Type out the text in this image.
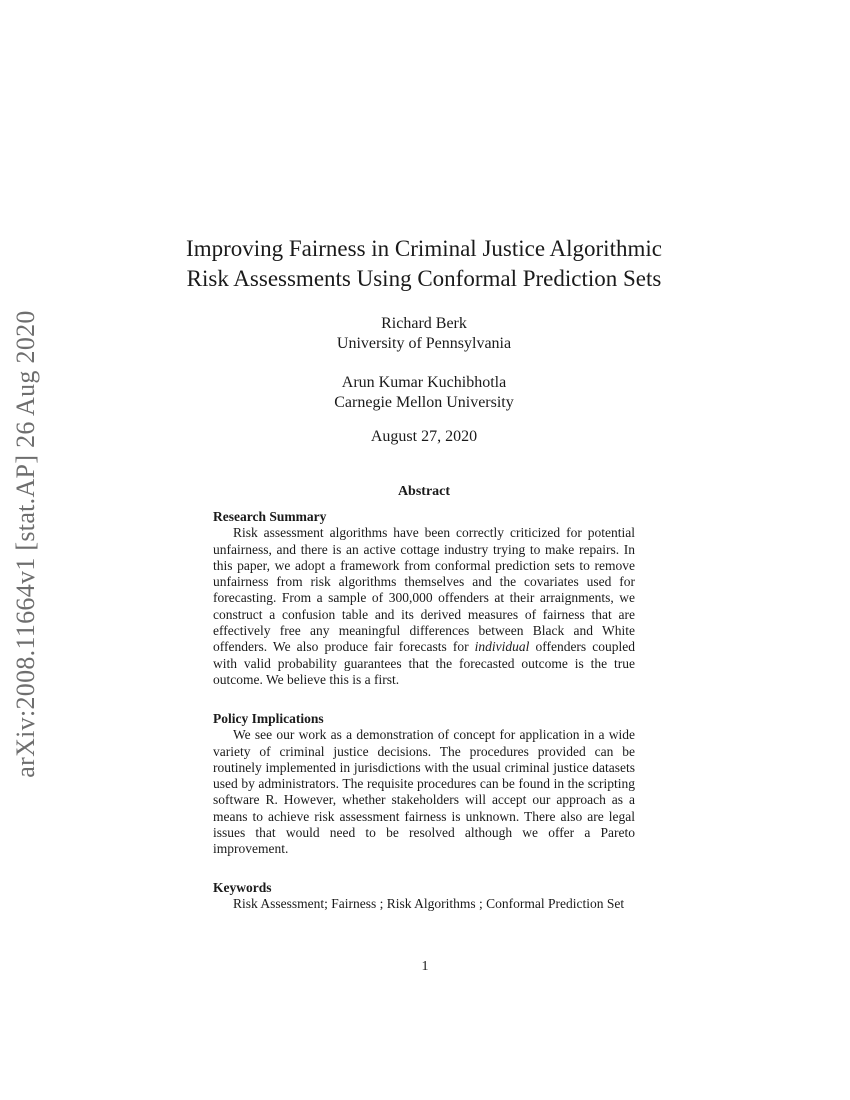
arXiv:2008.11664v1 [stat.AP] 26 Aug 2020
Improving Fairness in Criminal Justice Algorithmic
Risk Assessments Using Conformal Prediction Sets
Richard Berk
University of Pennsylvania
Arun Kumar Kuchibhotla
Carnegie Mellon University
August 27, 2020
Abstract
Research Summary

Risk assessment algorithms have been correctly criticized for potential unfairness, and there is an active cottage industry trying to make repairs. In this paper, we adopt a framework from conformal prediction sets to remove unfairness from risk algorithms themselves and the covariates used for forecasting. From a sample of 300,000 offenders at their arraignments, we construct a confusion table and its derived measures of fairness that are effectively free any meaningful differences between Black and White offenders. We also produce fair forecasts for individual offenders coupled with valid probability guarantees that the forecasted outcome is the true outcome. We believe this is a first.

Policy Implications

We see our work as a demonstration of concept for application in a wide variety of criminal justice decisions. The procedures provided can be routinely implemented in jurisdictions with the usual criminal justice datasets used by administrators. The requisite procedures can be found in the scripting software R. However, whether stakeholders will accept our approach as a means to achieve risk assessment fairness is unknown. There also are legal issues that would need to be resolved although we offer a Pareto improvement.

Keywords

Risk Assessment; Fairness ; Risk Algorithms ; Conformal Prediction Set

1
